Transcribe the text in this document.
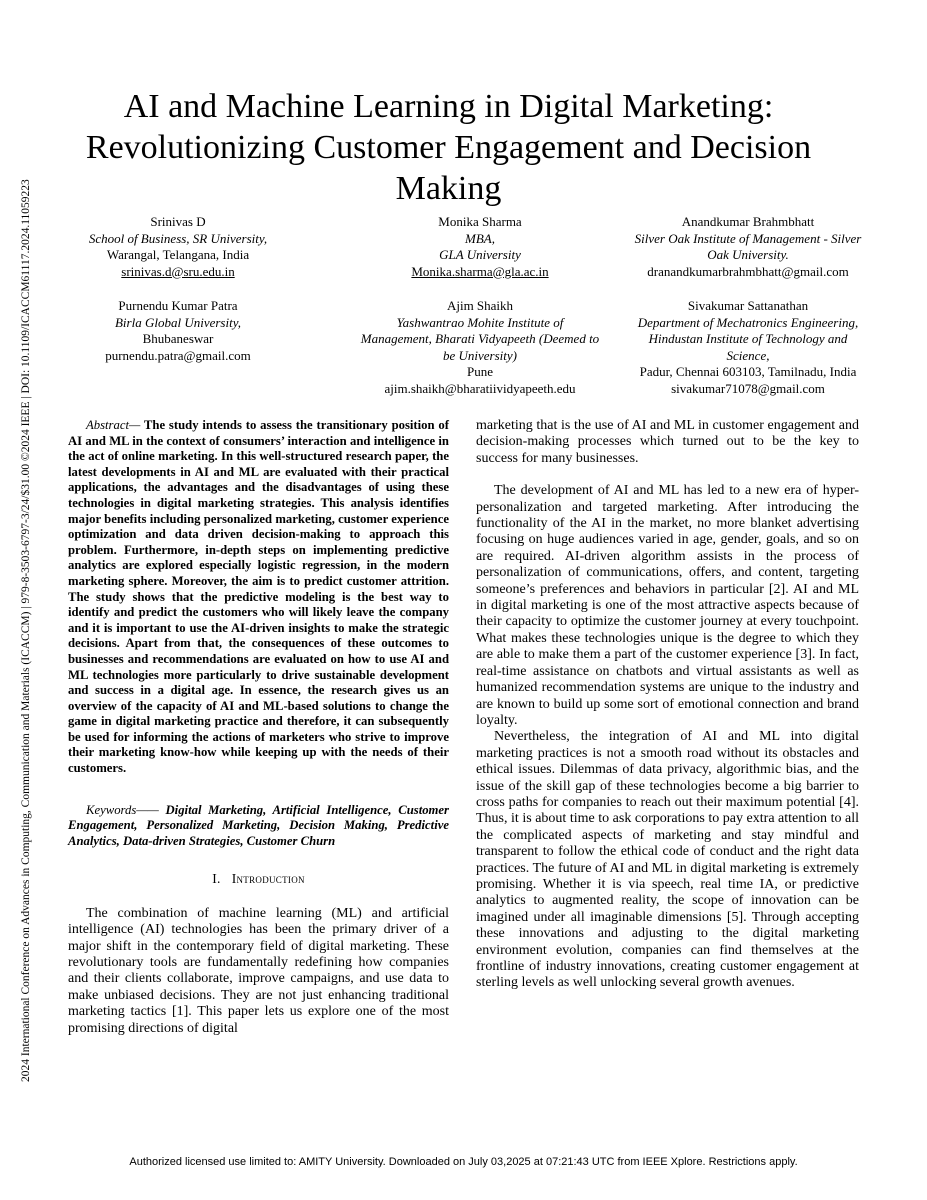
2024 International Conference on Advances in Computing, Communication and Materials (ICACCM) | 979-8-3503-6797-3/24/$31.00 ©2024 IEEE | DOI: 10.1109/ICACCM61117.2024.11059223
AI and Machine Learning in Digital Marketing:
Revolutionizing Customer Engagement and Decision
Making
Srinivas D
School of Business, SR University,
Warangal, Telangana, India
srinivas.d@sru.edu.in
Monika Sharma
MBA,
GLA University
Monika.sharma@gla.ac.in
Anandkumar Brahmbhatt
Silver Oak Institute of Management - Silver
Oak University.
dranandkumarbrahmbhatt@gmail.com
Purnendu Kumar Patra
Birla Global University,
Bhubaneswar
purnendu.patra@gmail.com
Ajim Shaikh
Yashwantrao Mohite Institute of
Management, Bharati Vidyapeeth (Deemed to
be University)
Pune
ajim.shaikh@bharatiividyapeeth.edu
Sivakumar Sattanathan
Department of Mechatronics Engineering,
Hindustan Institute of Technology and
Science,
Padur, Chennai 603103, Tamilnadu, India
sivakumar71078@gmail.com

Abstract— The study intends to assess the transitionary position of AI and ML in the context of consumers’ interaction and intelligence in the act of online marketing. In this well-structured research paper, the latest developments in AI and ML are evaluated with their practical applications, the advantages and the disadvantages of using these technologies in digital marketing strategies. This analysis identifies major benefits including personalized marketing, customer experience optimization and data driven decision-making to approach this problem. Furthermore, in-depth steps on implementing predictive analytics are explored especially logistic regression, in the modern marketing sphere. Moreover, the aim is to predict customer attrition. The study shows that the predictive modeling is the best way to identify and predict the customers who will likely leave the company and it is important to use the AI-driven insights to make the strategic decisions. Apart from that, the consequences of these outcomes to businesses and recommendations are evaluated on how to use AI and ML technologies more particularly to drive sustainable development and success in a digital age. In essence, the research gives us an overview of the capacity of AI and ML-based solutions to change the game in digital marketing practice and therefore, it can subsequently be used for informing the actions of marketers who strive to improve their marketing know-how while keeping up with the needs of their customers.

Keywords—— Digital Marketing, Artificial Intelligence, Customer Engagement, Personalized Marketing, Decision Making, Predictive Analytics, Data-driven Strategies, Customer Churn

I. Introduction

The combination of machine learning (ML) and artificial intelligence (AI) technologies has been the primary driver of a major shift in the contemporary field of digital marketing. These revolutionary tools are fundamentally redefining how companies and their clients collaborate, improve campaigns, and use data to make unbiased decisions. They are not just enhancing traditional marketing tactics [1]. This paper lets us explore one of the most promising directions of digital

marketing that is the use of AI and ML in customer engagement and decision-making processes which turned out to be the key to success for many businesses.

The development of AI and ML has led to a new era of hyper-personalization and targeted marketing. After introducing the functionality of the AI in the market, no more blanket advertising focusing on huge audiences varied in age, gender, goals, and so on are required. AI-driven algorithm assists in the process of personalization of communications, offers, and content, targeting someone’s preferences and behaviors in particular [2]. AI and ML in digital marketing is one of the most attractive aspects because of their capacity to optimize the customer journey at every touchpoint. What makes these technologies unique is the degree to which they are able to make them a part of the customer experience [3]. In fact, real-time assistance on chatbots and virtual assistants as well as humanized recommendation systems are unique to the industry and are known to build up some sort of emotional connection and brand loyalty.

Nevertheless, the integration of AI and ML into digital marketing practices is not a smooth road without its obstacles and ethical issues. Dilemmas of data privacy, algorithmic bias, and the issue of the skill gap of these technologies become a big barrier to cross paths for companies to reach out their maximum potential [4]. Thus, it is about time to ask corporations to pay extra attention to all the complicated aspects of marketing and stay mindful and transparent to follow the ethical code of conduct and the right data practices. The future of AI and ML in digital marketing is extremely promising. Whether it is via speech, real time IA, or predictive analytics to augmented reality, the scope of innovation can be imagined under all imaginable dimensions [5]. Through accepting these innovations and adjusting to the digital marketing environment evolution, companies can find themselves at the frontline of industry innovations, creating customer engagement at sterling levels as well unlocking several growth avenues.

Authorized licensed use limited to: AMITY University. Downloaded on July 03,2025 at 07:21:43 UTC from IEEE Xplore. Restrictions apply.
